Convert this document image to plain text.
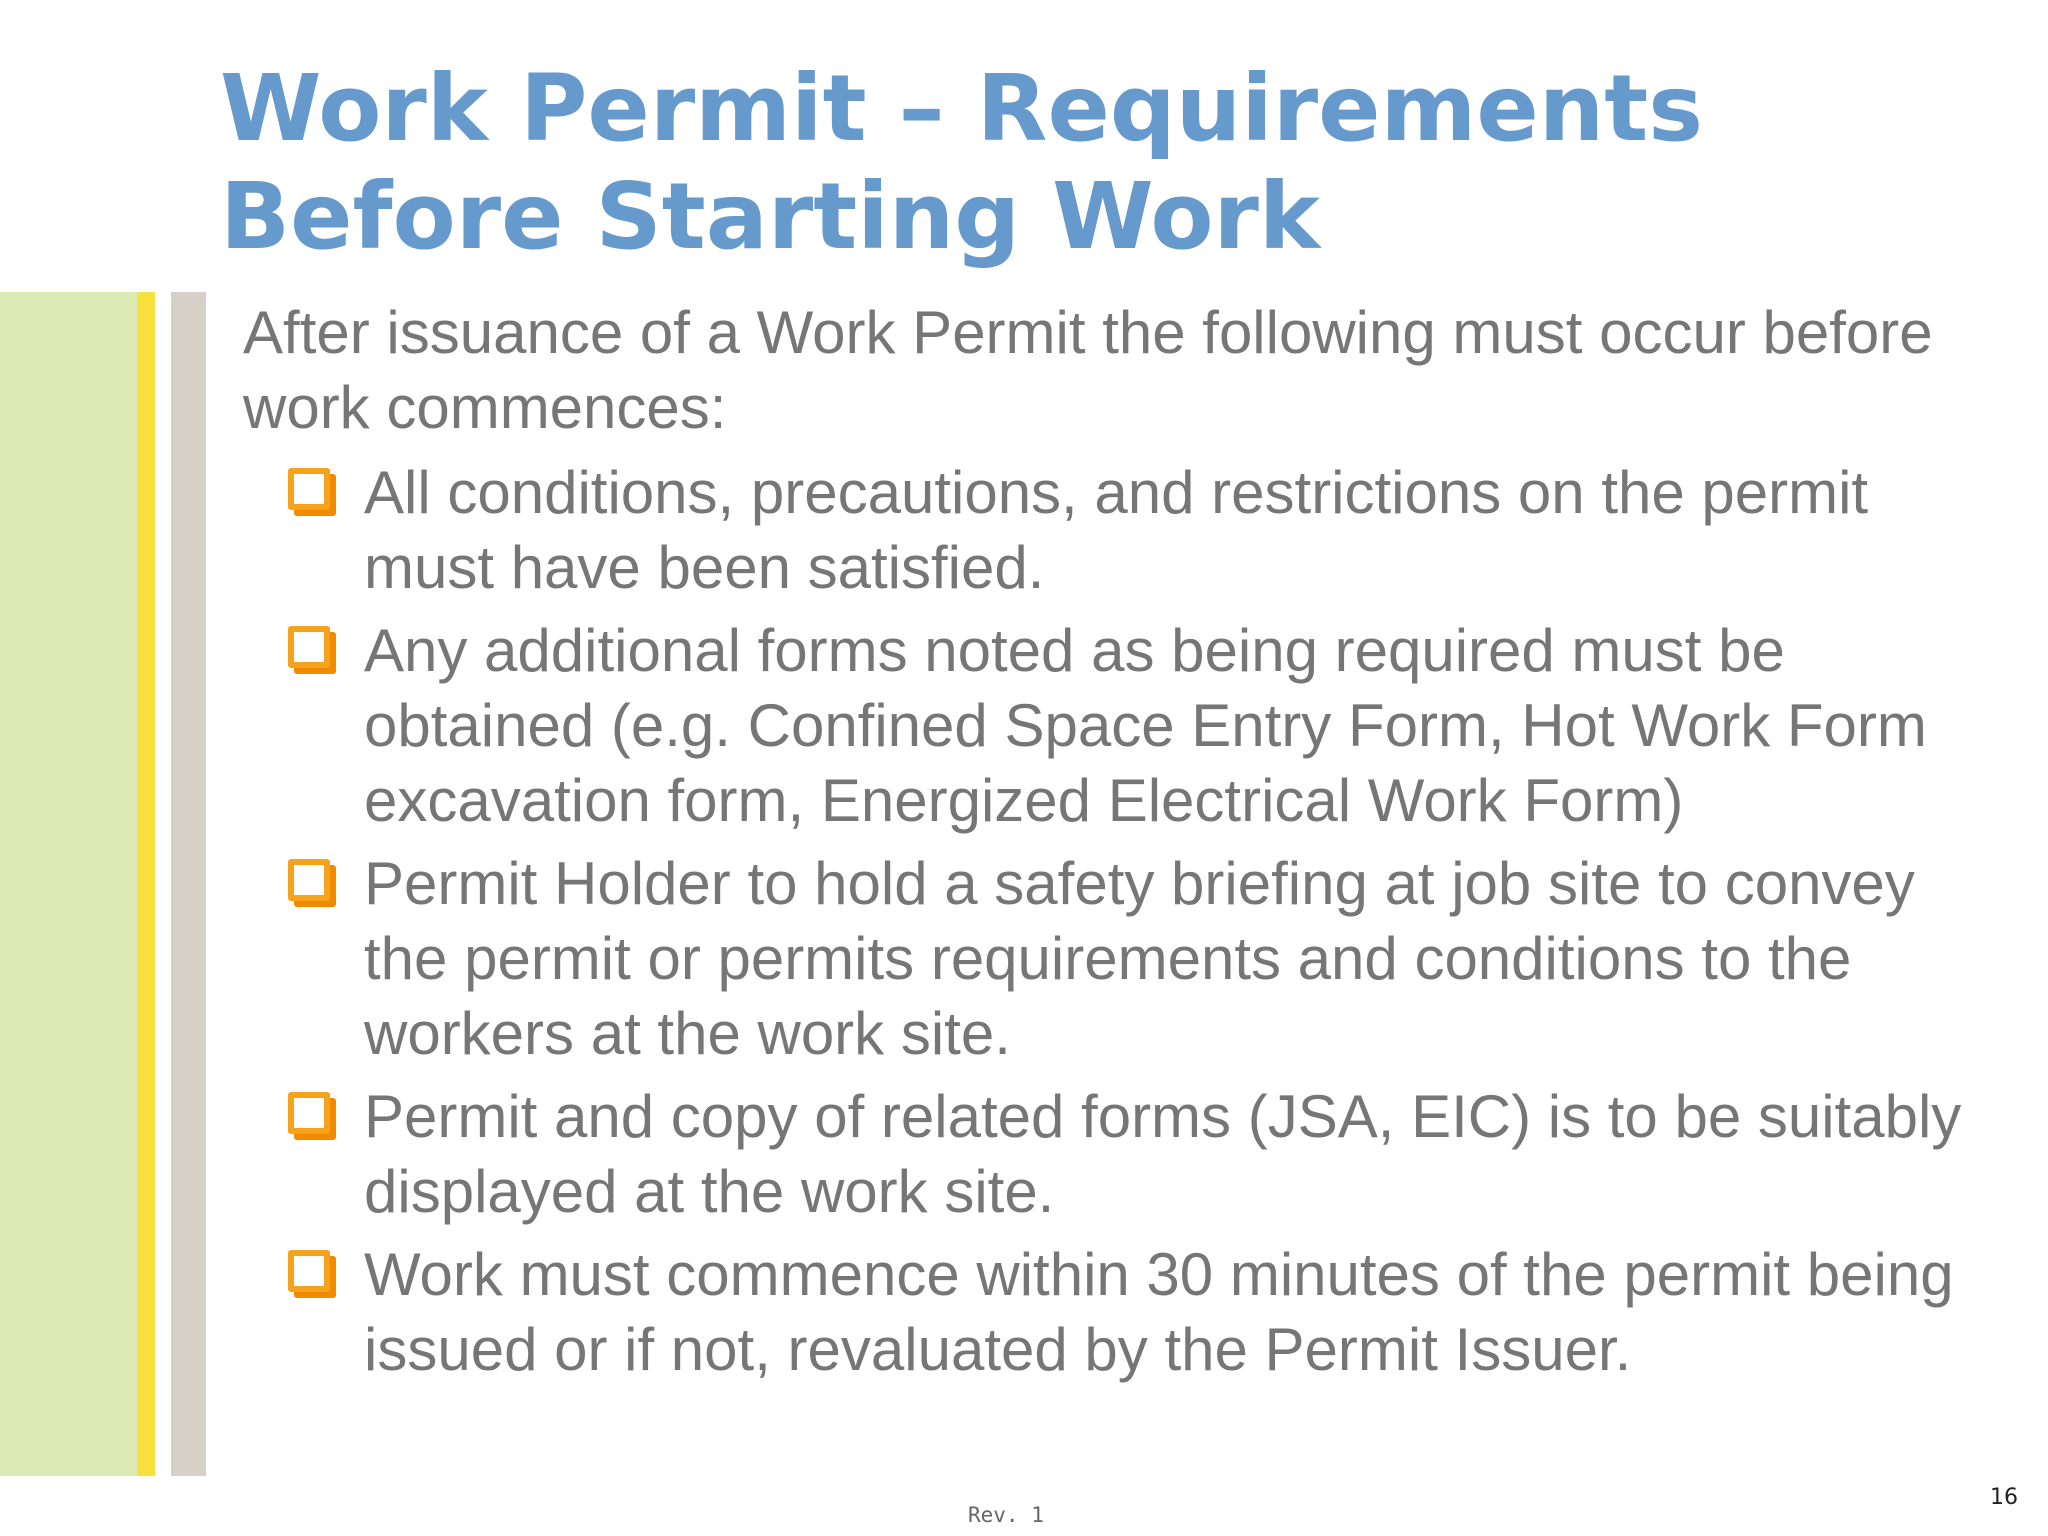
Work Permit – Requirements
Before Starting Work

After issuance of a Work Permit the following must occur before work commences:

All conditions, precautions, and restrictions on the permit must have been satisfied.
Any additional forms noted as being required must be obtained (e.g. Confined Space Entry Form, Hot Work Form excavation form, Energized Electrical Work Form)
Permit Holder to hold a safety briefing at job site to convey the permit or permits requirements and conditions to the workers at the work site.
Permit and copy of related forms (JSA, EIC) is to be suitably displayed at the work site.
Work must commence within 30 minutes of the permit being issued or if not, revaluated by the Permit Issuer.
Rev. 1
16
